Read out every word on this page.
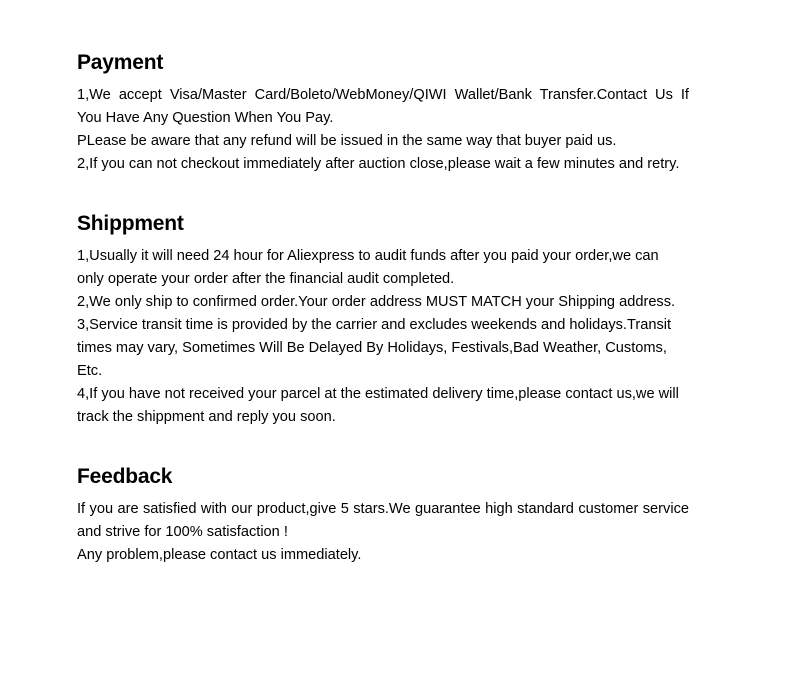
Payment

1,We accept Visa/Master Card/Boleto/WebMoney/QIWI Wallet/Bank Transfer.Contact Us If You Have Any Question When You Pay.

PLease be aware that any refund will be issued in the same way that buyer paid us.

2,If you can not checkout immediately after auction close,please wait a few minutes and retry.

Shippment

1,Usually it will need 24 hour for Aliexpress to audit funds after you paid your order,we can only operate your order after the financial audit completed.

2,We only ship to confirmed order.Your order address MUST MATCH your Shipping address.

3,Service transit time is provided by the carrier and excludes weekends and holidays.Transit times may vary, Sometimes Will Be Delayed By Holidays, Festivals,Bad Weather, Customs, Etc.

4,If you have not received your parcel at the estimated delivery time,please contact us,we will track the shippment and reply you soon.

Feedback

If you are satisfied with our product,give 5 stars.We guarantee high standard customer service and strive for 100% satisfaction !

Any problem,please contact us immediately.
